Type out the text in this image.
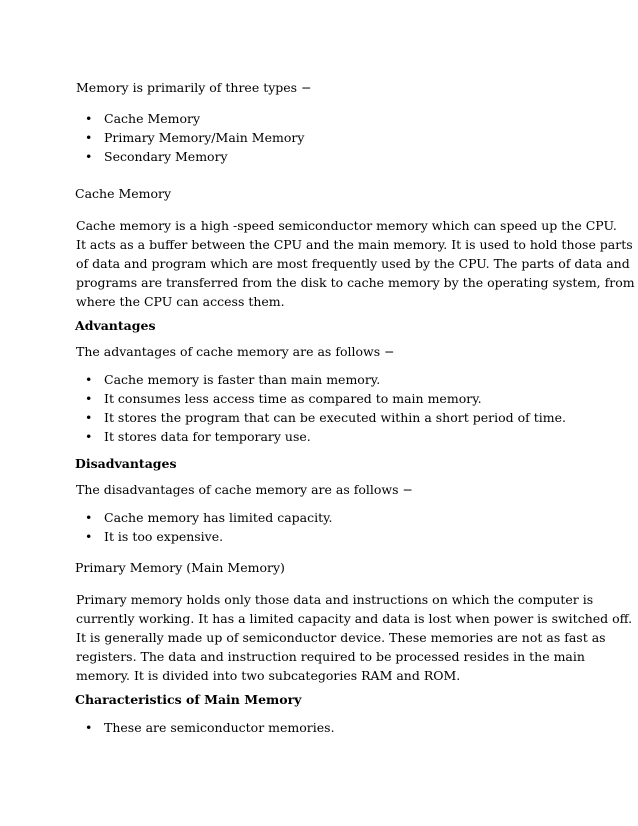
Memory is primarily of three types −

• Cache Memory
• Primary Memory/Main Memory
• Secondary Memory

Cache Memory

Cache memory is a high -speed semiconductor memory which can speed up the CPU.
It acts as a buffer between the CPU and the main memory. It is used to hold those parts
of data and program which are most frequently used by the CPU. The parts of data and
programs are transferred from the disk to cache memory by the operating system, from
where the CPU can access them.

Advantages

The advantages of cache memory are as follows −

• Cache memory is faster than main memory.
• It consumes less access time as compared to main memory.
• It stores the program that can be executed within a short period of time.
• It stores data for temporary use.

Disadvantages

The disadvantages of cache memory are as follows −

• Cache memory has limited capacity.
• It is too expensive.

Primary Memory (Main Memory)

Primary memory holds only those data and instructions on which the computer is
currently working. It has a limited capacity and data is lost when power is switched off.
It is generally made up of semiconductor device. These memories are not as fast as
registers. The data and instruction required to be processed resides in the main
memory. It is divided into two subcategories RAM and ROM.

Characteristics of Main Memory

• These are semiconductor memories.
